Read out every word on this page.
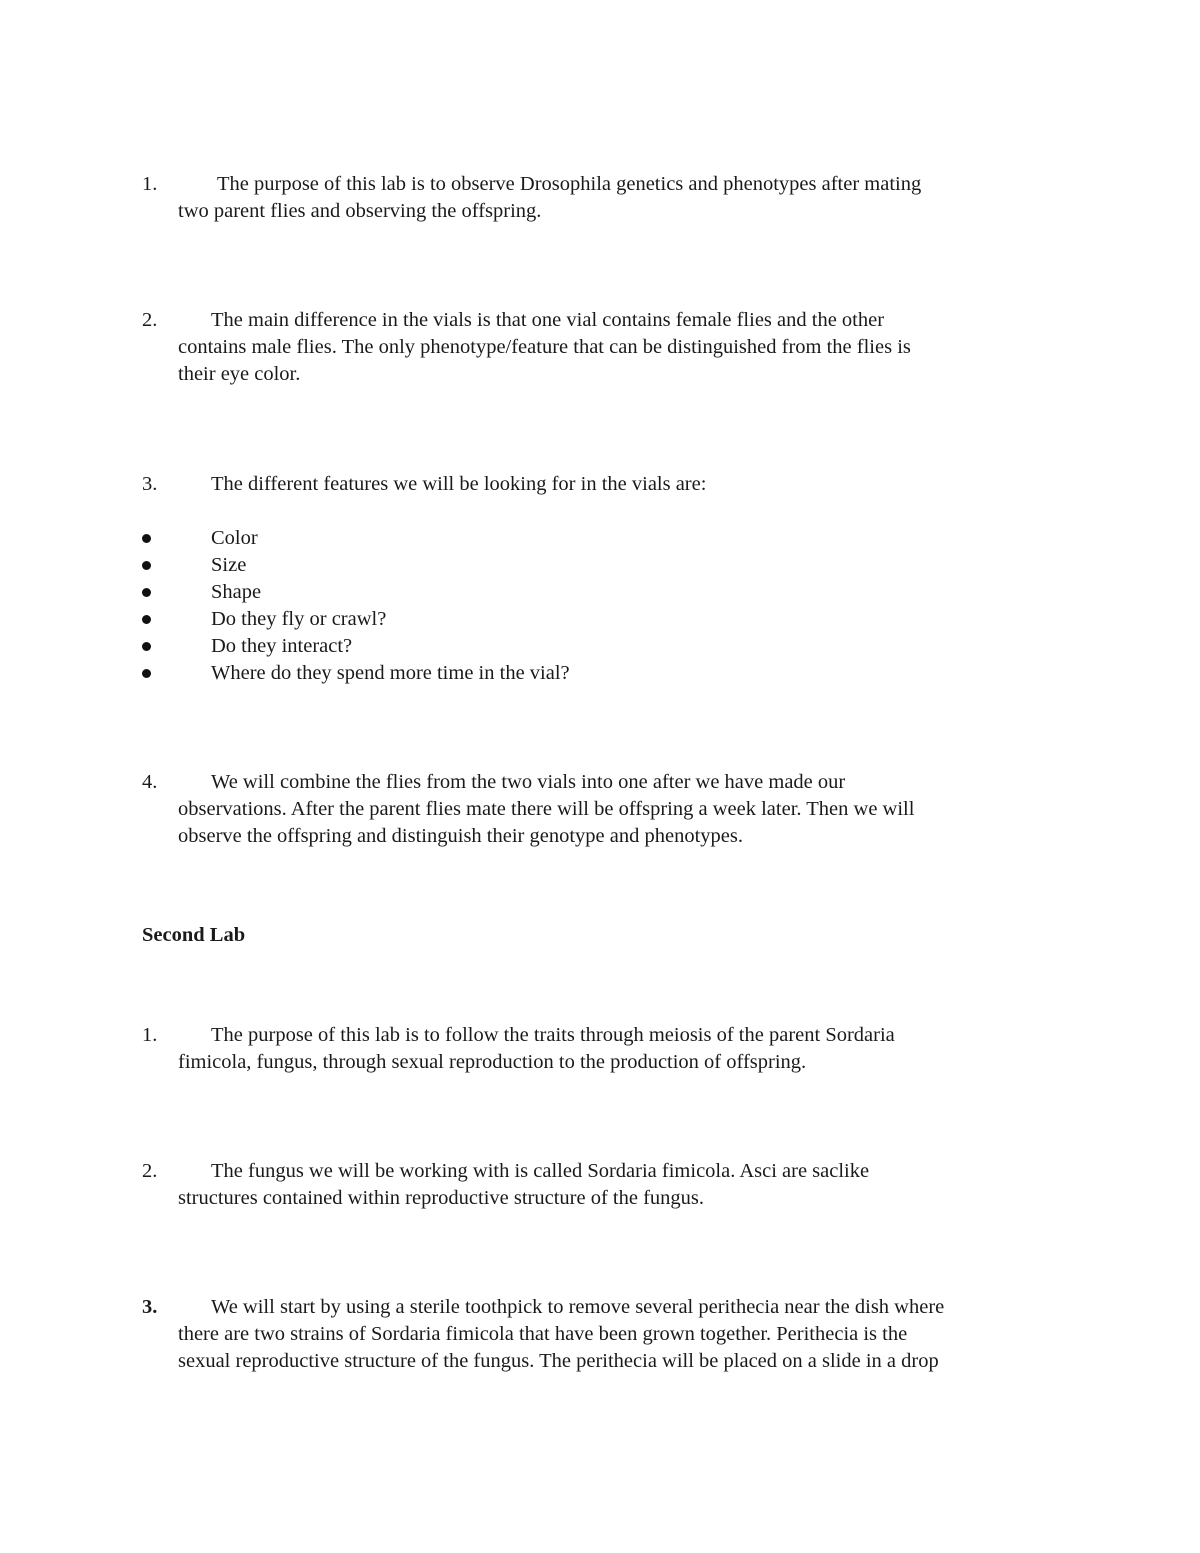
1.	The purpose of this lab is to observe Drosophila genetics and phenotypes after mating
two parent flies and observing the offspring.
2.	The main difference in the vials is that one vial contains female flies and the other
contains male flies. The only phenotype/feature that can be distinguished from the flies is
their eye color.
3.	The different features we will be looking for in the vials are:
Color
Size
Shape
Do they fly or crawl?
Do they interact?
Where do they spend more time in the vial?
4.	We will combine the flies from the two vials into one after we have made our
observations. After the parent flies mate there will be offspring a week later. Then we will
observe the offspring and distinguish their genotype and phenotypes.
Second Lab
1.	The purpose of this lab is to follow the traits through meiosis of the parent Sordaria
fimicola, fungus, through sexual reproduction to the production of offspring.
2.	The fungus we will be working with is called Sordaria fimicola. Asci are saclike
structures contained within reproductive structure of the fungus.
3.	We will start by using a sterile toothpick to remove several perithecia near the dish where
there are two strains of Sordaria fimicola that have been grown together. Perithecia is the
sexual reproductive structure of the fungus. The perithecia will be placed on a slide in a drop
